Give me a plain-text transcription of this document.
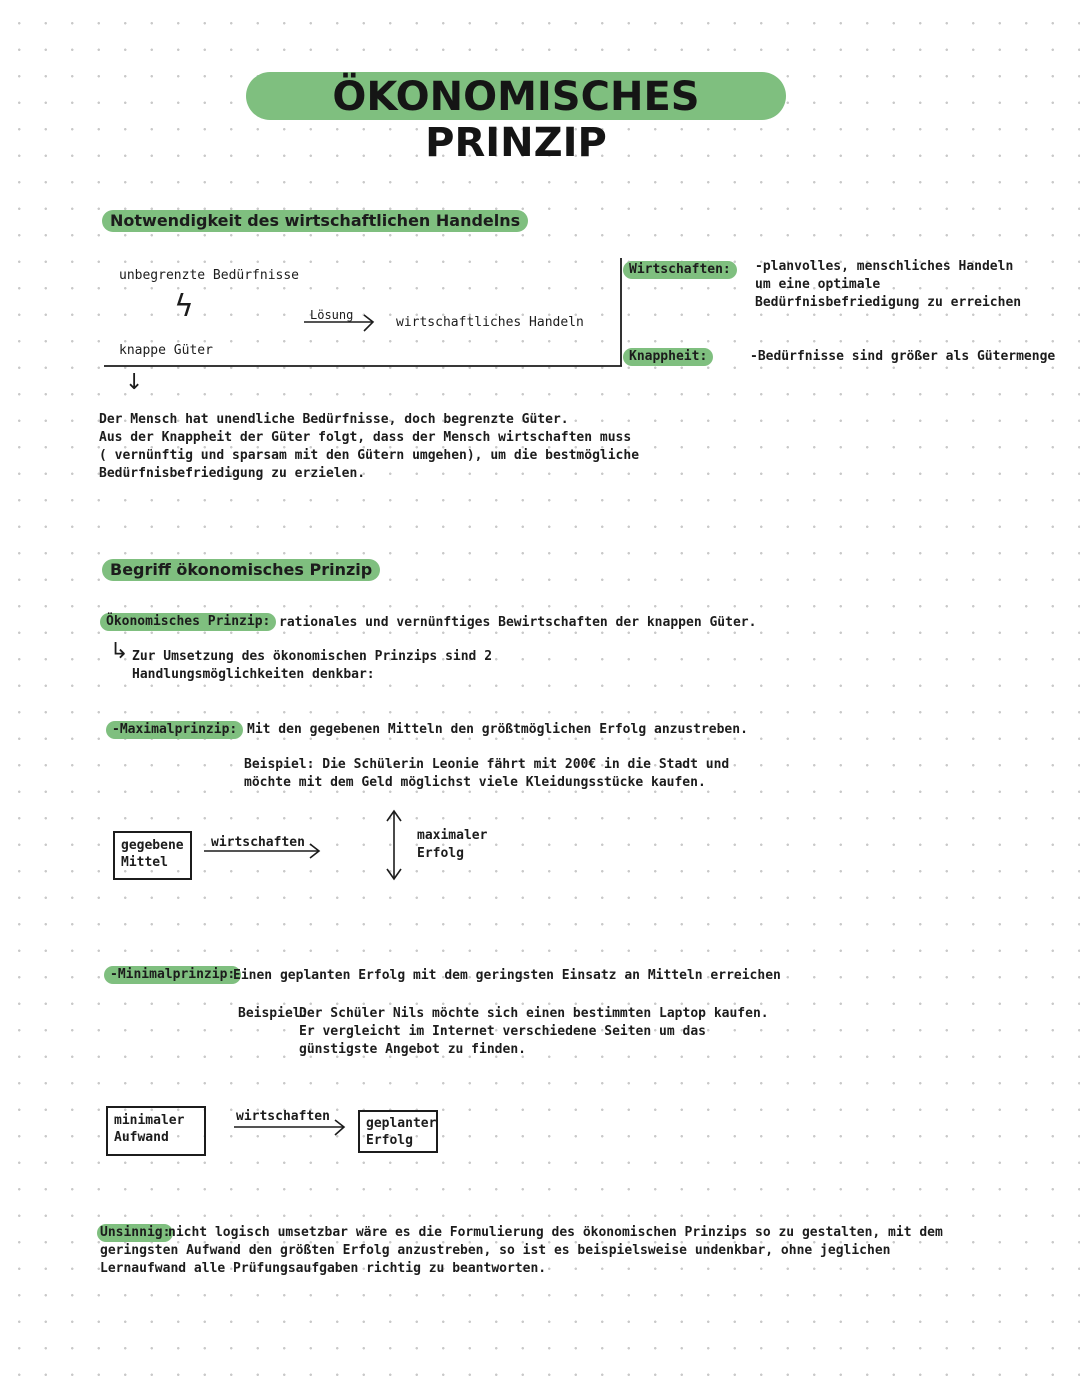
ÖKONOMISCHES PRINZIP
Notwendigkeit des wirtschaftlichen Handelns
unbegrenzte Bedürfnisse
ϟ
knappe Güter
Lösung	wirtschaftliches Handeln
↓
Wirtschaften:	-planvolles, menschliches Handeln
um eine optimale
Bedürfnisbefriedigung zu erreichen
Knappheit:	-Bedürfnisse sind größer als Gütermenge
Der Mensch hat unendliche Bedürfnisse, doch begrenzte Güter.
Aus der Knappheit der Güter folgt, dass der Mensch wirtschaften muss
( vernünftig und sparsam mit den Gütern umgehen), um die bestmögliche
Bedürfnisbefriedigung zu erzielen.
Begriff ökonomisches Prinzip
Ökonomisches Prinzip: rationales und vernünftiges Bewirtschaften der knappen Güter.
↳ Zur Umsetzung des ökonomischen Prinzips sind 2
Handlungsmöglichkeiten denkbar:
-Maximalprinzip: Mit den gegebenen Mitteln den größtmöglichen Erfolg anzustreben.
Beispiel: Die Schülerin Leonie fährt mit 200€ in die Stadt und
möchte mit dem Geld möglichst viele Kleidungsstücke kaufen.
gegebene
Mittel
wirtschaften	maximaler
Erfolg
-Minimalprinzip:
Einen geplanten Erfolg mit dem geringsten Einsatz an Mitteln erreichen
Beispiel:
Der Schüler Nils möchte sich einen bestimmten Laptop kaufen.
Er vergleicht im Internet verschiedene Seiten um das
günstigste Angebot zu finden.
minimaler
Aufwand
wirtschaften	geplanter
Erfolg
Unsinnig:
nicht logisch umsetzbar wäre es die Formulierung des ökonomischen Prinzips so zu gestalten, mit dem
geringsten Aufwand den größten Erfolg anzustreben, so ist es beispielsweise undenkbar, ohne jeglichen
Lernaufwand alle Prüfungsaufgaben richtig zu beantworten.
